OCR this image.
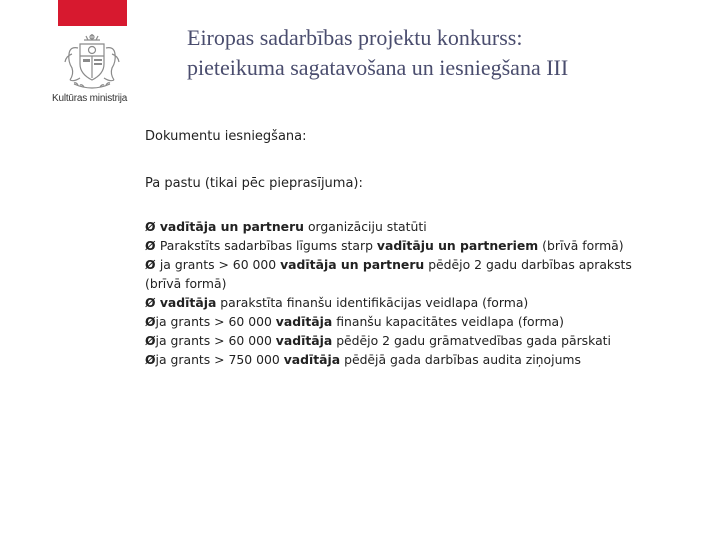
Kultūras ministrija
Eiropas sadarbības projektu konkurss:
pieteikuma sagatavošana un iesniegšana III

Dokumentu iesniegšana:

Pa pastu (tikai pēc pieprasījuma):

Ø vadītāja un partneru organizāciju statūti
Ø Parakstīts sadarbības līgums starp vadītāju un partneriem (brīvā formā)
Ø ja grants > 60 000 vadītāja un partneru pēdējo 2 gadu darbības apraksts
(brīvā formā)
Ø vadītāja parakstīta finanšu identifikācijas veidlapa (forma)
Øja grants > 60 000 vadītāja finanšu kapacitātes veidlapa (forma)
Øja grants > 60 000 vadītāja pēdējo 2 gadu grāmatvedības gada pārskati
Øja grants > 750 000 vadītāja pēdējā gada darbības audita ziņojums
